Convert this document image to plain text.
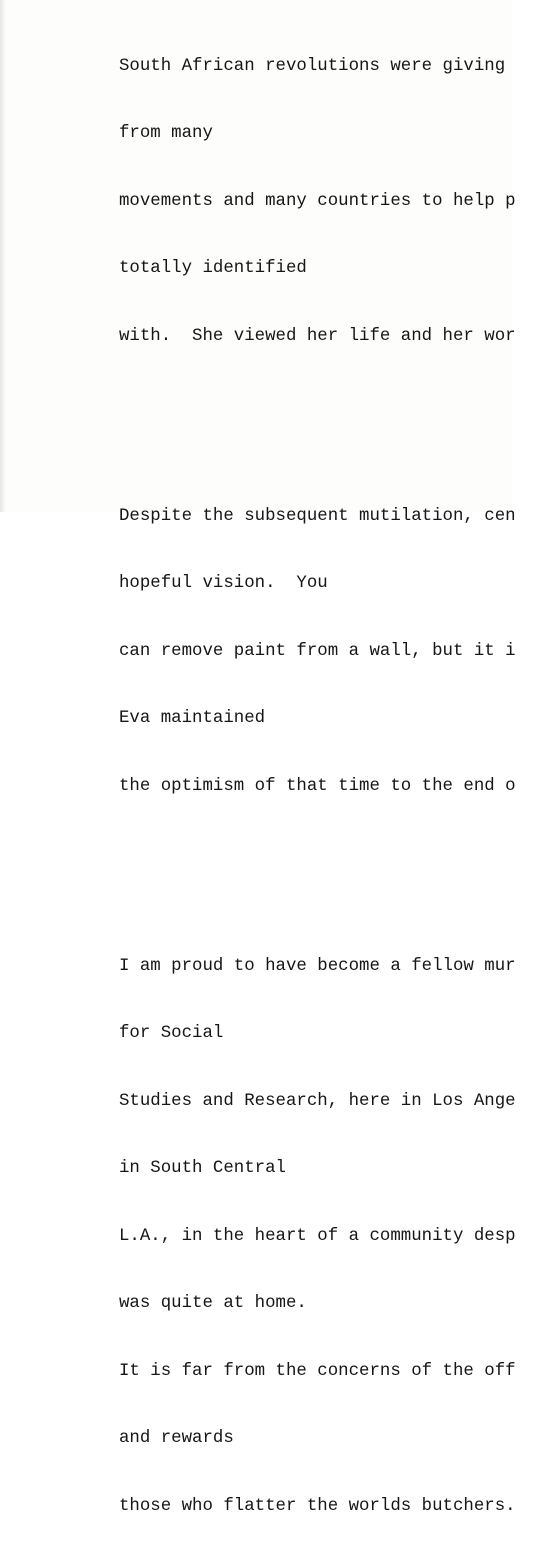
South African revolutions were giving

from many

movements and many countries to help p

totally identified

with.  She viewed her life and her wor

Despite the subsequent mutilation, cen

hopeful vision.  You

can remove paint from a wall, but it i

Eva maintained

the optimism of that time to the end o

I am proud to have become a fellow mur

for Social

Studies and Research, here in Los Ange

in South Central

L.A., in the heart of a community desp

was quite at home.

It is far from the concerns of the off

and rewards

those who flatter the worlds butchers.
